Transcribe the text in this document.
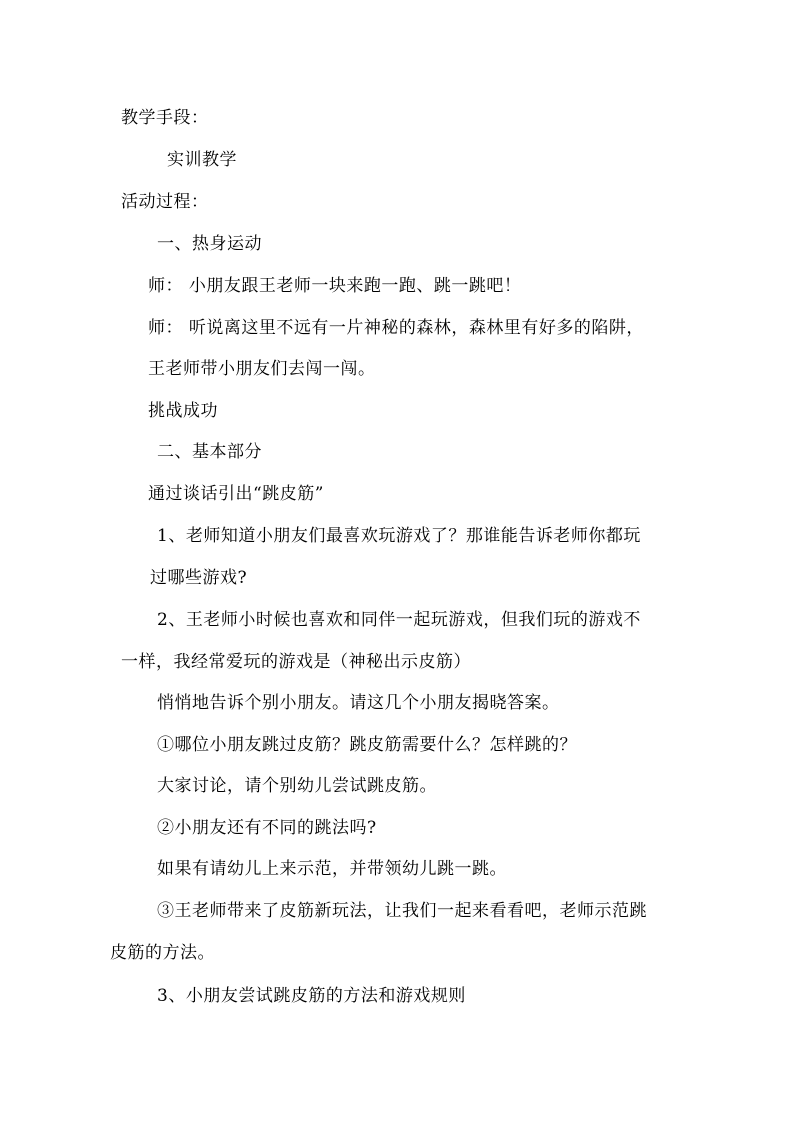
教学手段：
实训教学
活动过程：
一、热身运动
师： 小朋友跟王老师一块来跑一跑、跳一跳吧！
师： 听说离这里不远有一片神秘的森林，森林里有好多的陷阱，
王老师带小朋友们去闯一闯。
挑战成功
二、基本部分
通过谈话引出“跳皮筋”
1、老师知道小朋友们最喜欢玩游戏了？那谁能告诉老师你都玩
过哪些游戏?
2、王老师小时候也喜欢和同伴一起玩游戏，但我们玩的游戏不
一样，我经常爱玩的游戏是（神秘出示皮筋）
悄悄地告诉个别小朋友。请这几个小朋友揭晓答案。
①哪位小朋友跳过皮筋？跳皮筋需要什么？怎样跳的？
大家讨论，请个别幼儿尝试跳皮筋。
②小朋友还有不同的跳法吗?
如果有请幼儿上来示范，并带领幼儿跳一跳。
③王老师带来了皮筋新玩法，让我们一起来看看吧，老师示范跳
皮筋的方法。
3、小朋友尝试跳皮筋的方法和游戏规则
